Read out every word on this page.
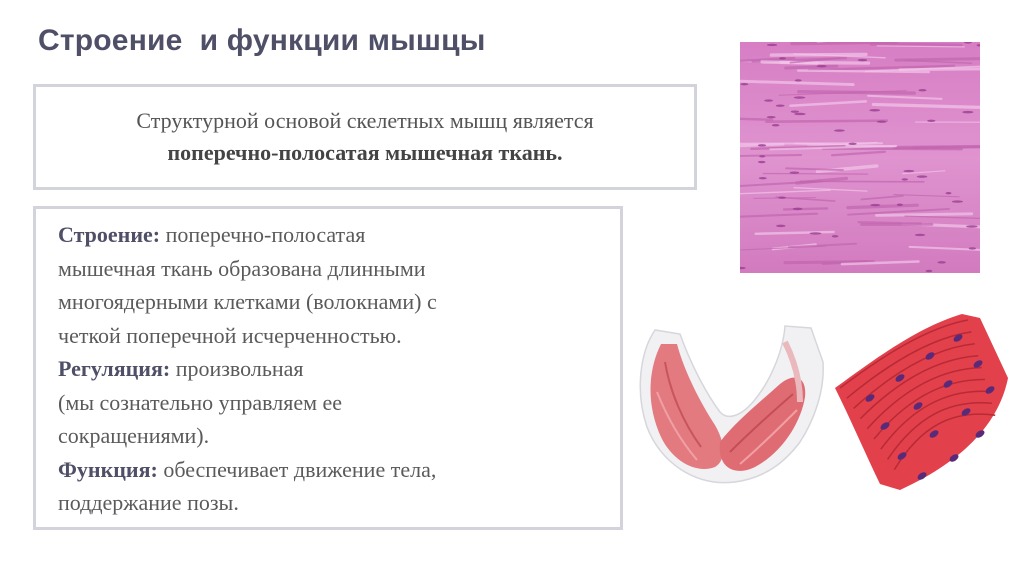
Строение  и функции мышцы
Структурной основой скелетных мышц является
поперечно-полосатая мышечная ткань.
Строение: поперечно-полосатая
мышечная ткань образована длинными
многоядерными клетками (волокнами) с
четкой поперечной исчерченностью.
Регуляция: произвольная
(мы сознательно управляем ее
сокращениями).
Функция: обеспечивает движение тела,
поддержание позы.
